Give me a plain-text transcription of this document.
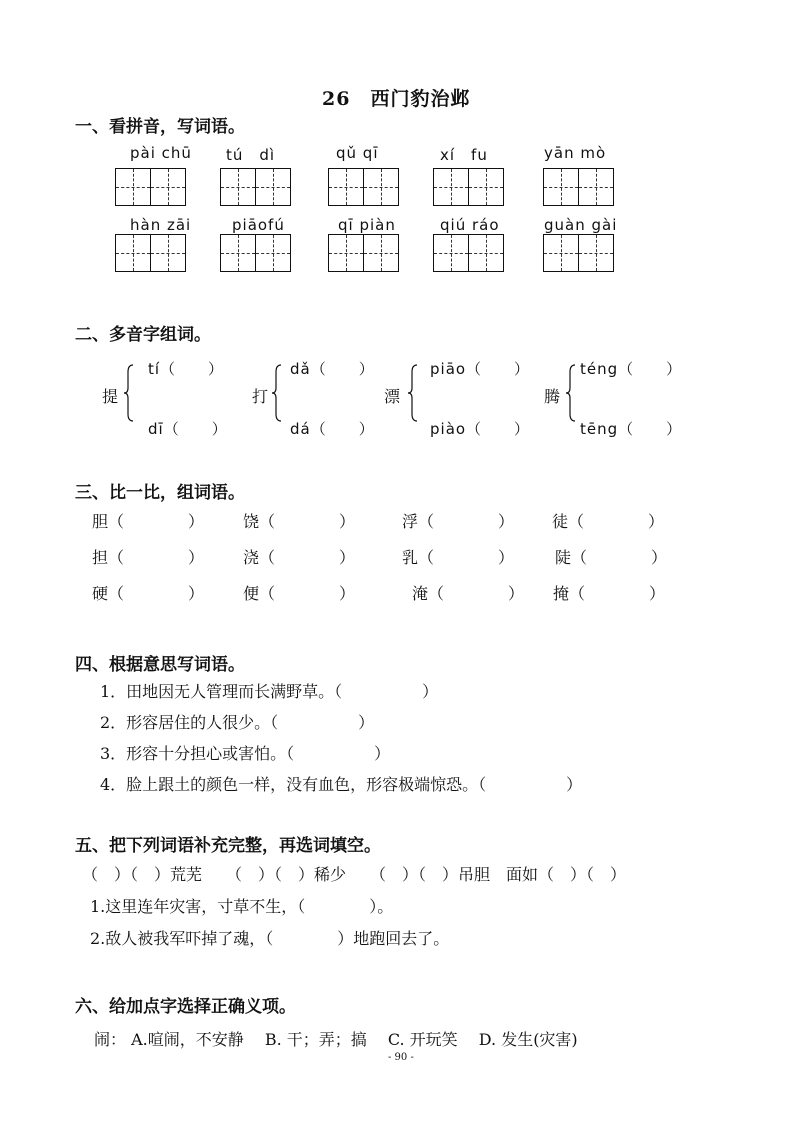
26　西门豹治邺
一、看拼音，写词语。
pài chū tú　dì	qǔ qī	xí　fu	yān mò
hàn zāi	piāofú	qī piàn	qiú ráo	guàn gài
二、多音字组词。
提
tí（　　）
dī（　　）
打
dǎ（　　）
dá（　　）
漂
piāo（　　）
piào（　　）
腾
téng（　　）
tēng（　　）
三、比一比，组词语。
胆（　　　　） 饶（　　　　）	浮（　　　　） 徒（　　　　）
担（　　　　） 浇（　　　　）	乳（　　　　）	陡（　　　　）
硬（　　　　） 便（　　　　）	淹（　　　　） 掩（　　　　）
四、根据意思写词语。
1．田地因无人管理而长满野草。（　　　　　）
2．形容居住的人很少。（　　　　　）
3．形容十分担心或害怕。（　　　　　）
4．脸上跟土的颜色一样，没有血色，形容极端惊恐。（　　　　　）
五、把下列词语补充完整，再选词填空。
（　）（　）荒芜　　（　）（　）稀少　　（　）（　）吊胆　面如（　）（　）
1.这里连年灾害，寸草不生，（　　　　）。
2.敌人被我军吓掉了魂，（　　　　）地跑回去了。
六、给加点字选择正确义项。
闹： A.喧闹，不安静　 B. 干；弄；搞　 C. 开玩笑　 D. 发生(灾害)
- 90 -
